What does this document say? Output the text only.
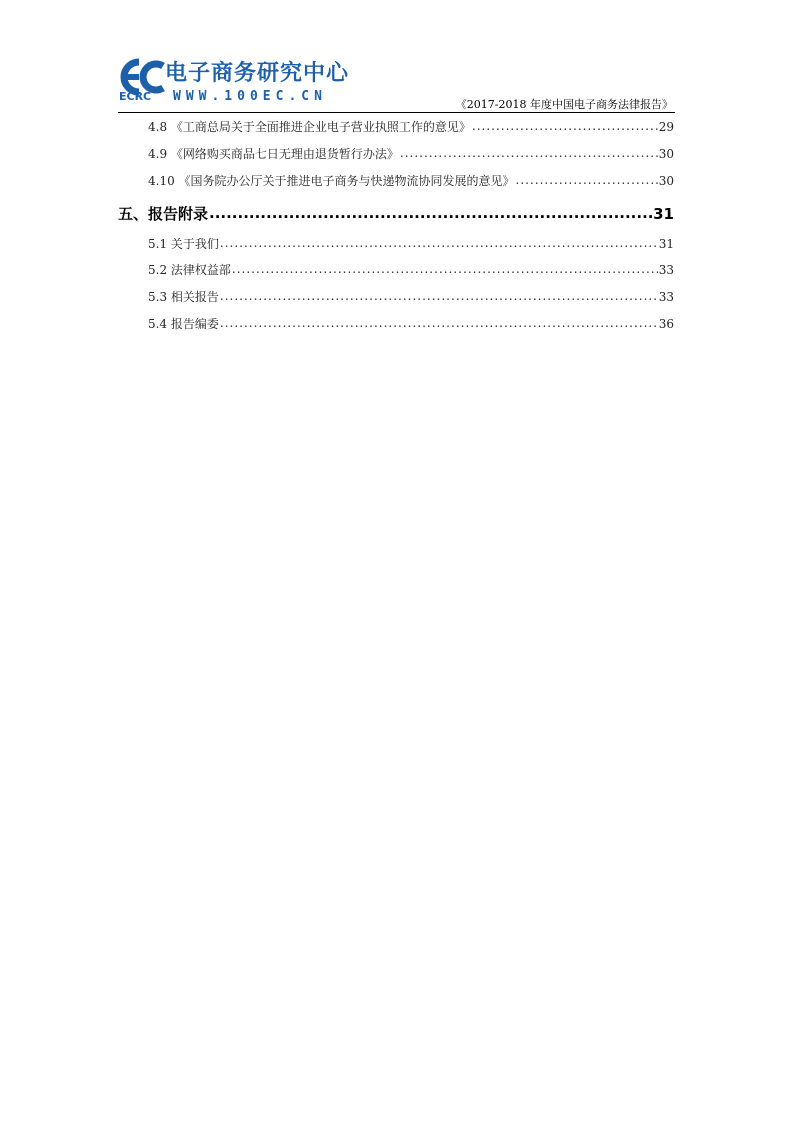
电子商务研究中心
ECRC WWW.100EC.CN
《2017-2018 年度中国电子商务法律报告》
4.8 《工商总局关于全面推进企业电子营业执照工作的意见》 .....	29
4.9 《网络购买商品七日无理由退货暂行办法》 .....	30
4.10 《国务院办公厅关于推进电子商务与快递物流协同发展的意见》 .....	30
五、报告附录 .....	31
5.1 关于我们 .....	31
5.2 法律权益部 .....	33
5.3 相关报告 .....	33
5.4 报告编委 .....	36
